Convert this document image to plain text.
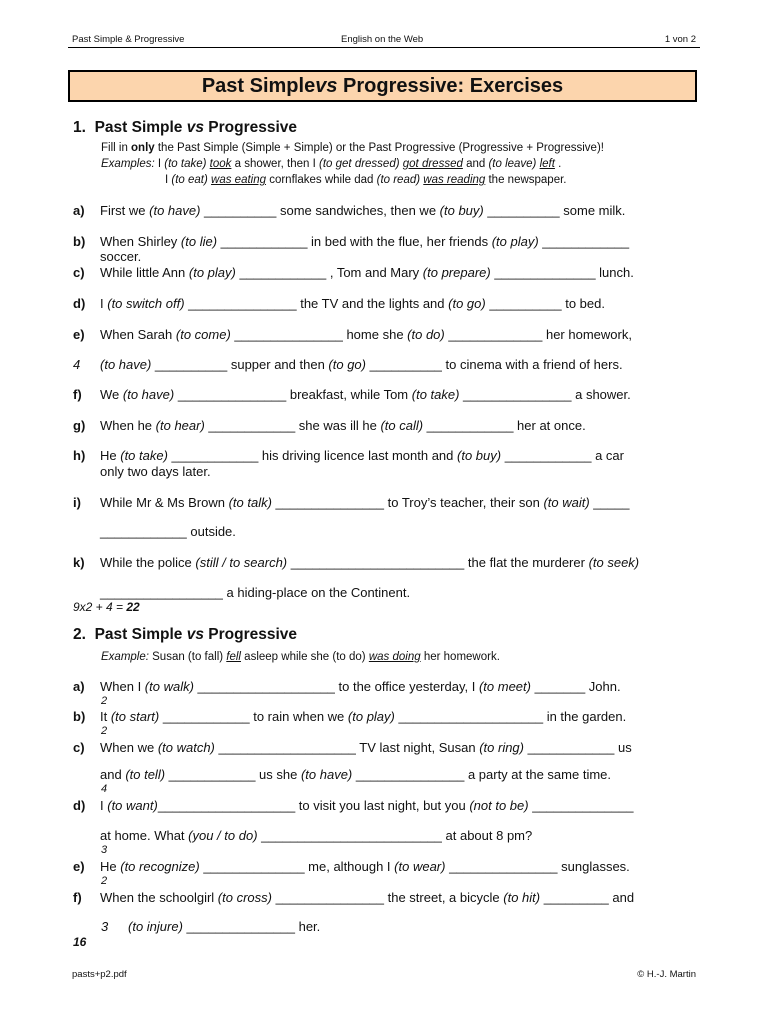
Past Simple & Progressive	English on the Web	1 von 2
Past Simple vs Progressive: Exercises
1. Past Simple vs Progressive
Fill in only the Past Simple (Simple + Simple) or the Past Progressive (Progressive + Progressive)!
Examples: I (to take) took a shower, then I (to get dressed) got dressed and (to leave) left .
I (to eat) was eating cornflakes while dad (to read) was reading the newspaper.
a) First we (to have) __________ some sandwiches, then we (to buy) __________ some milk.
b) When Shirley (to lie) ____________ in bed with the flue, her friends (to play) ____________
soccer.
c) While little Ann (to play) ____________ , Tom and Mary (to prepare) ______________ lunch.
d) I (to switch off) _______________ the TV and the lights and (to go) __________ to bed.
e) When Sarah (to come) _______________ home she (to do) _____________ her homework,
4 (to have) __________ supper and then (to go) __________ to cinema with a friend of hers.
f) We (to have) _______________ breakfast, while Tom (to take) _______________ a shower.
g) When he (to hear) ____________ she was ill he (to call) ____________ her at once.
h) He (to take) ____________ his driving licence last month and (to buy) ____________ a car
only two days later.
i) While Mr & Ms Brown (to talk) _______________ to Troy’s teacher, their son (to wait) _____
____________ outside.
k) While the police (still / to search) ________________________ the flat the murderer (to seek)
_________________ a hiding-place on the Continent.
9x2 + 4 = 22
2. Past Simple vs Progressive
Example: Susan (to fall) fell asleep while she (to do) was doing her homework.
a) When I (to walk) ___________________ to the office yesterday, I (to meet) _______ John.
2
b) It (to start) ____________ to rain when we (to play) ____________________ in the garden.
2
c) When we (to watch) ___________________ TV last night, Susan (to ring) ____________ us
and (to tell) ____________ us she (to have) _______________ a party at the same time.
4
d) I (to want)___________________ to visit you last night, but you (not to be) ______________
at home. What (you / to do) _________________________ at about 8 pm?
3
e) He (to recognize) ______________ me, although I (to wear) _______________ sunglasses.
2
f) When the schoolgirl (to cross) _______________ the street, a bicycle (to hit) _________ and
3 (to injure) _______________ her.
16
pasts+p2.pdf	© H.-J. Martin
